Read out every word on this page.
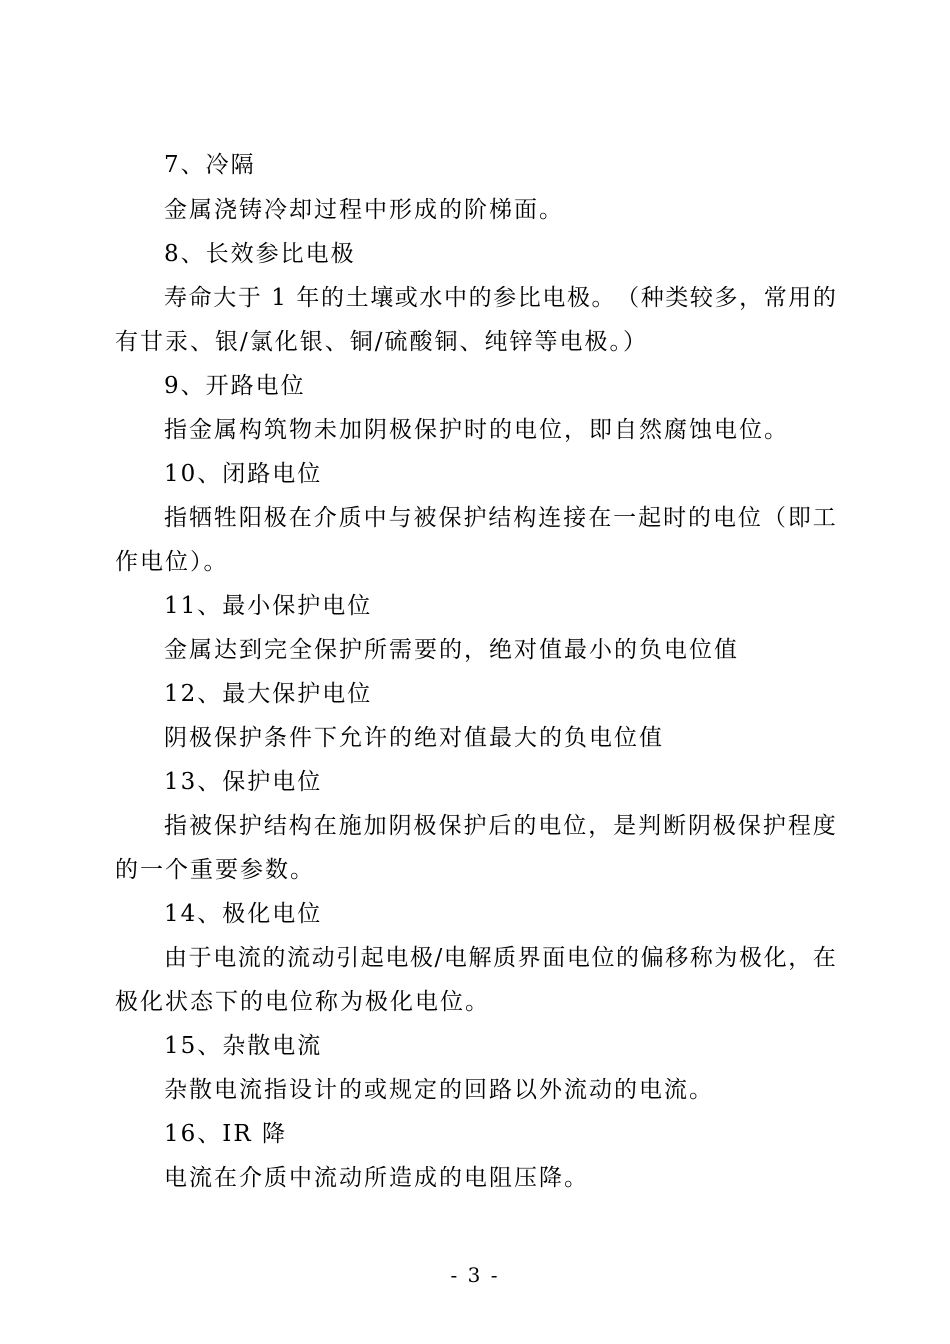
7、冷隔
金属浇铸冷却过程中形成的阶梯面。
8、长效参比电极
寿 命 大 于
1
年 的 土 壤 或 水 中 的 参 比 电 极 。 （ 种 类 较 多 ， 常 用 的
有甘汞、银/氯化银、铜/硫酸铜、纯锌等电极。）
9、开路电位
指金属构筑物未加阴极保护时的电位，即自然腐蚀电位。
10、闭路电位
指 牺 牲 阳 极 在 介 质 中 与 被 保 护 结 构 连 接 在 一 起 时 的 电 位 （ 即 工
作电位）。
11、最小保护电位
金属达到完全保护所需要的，绝对值最小的负电位值
12、最大保护电位
阴极保护条件下允许的绝对值最大的负电位值
13、保护电位
指 被 保 护 结 构 在 施 加 阴 极 保 护 后 的 电 位 ， 是 判 断 阴 极 保 护 程 度
的一个重要参数。
14、极化电位
由 于 电 流 的 流 动 引 起 电 极 / 电 解 质 界 面 电 位 的 偏 移 称 为 极 化 ， 在
极化状态下的电位称为极化电位。
15、杂散电流
杂散电流指设计的或规定的回路以外流动的电流。
16、IR 降
电流在介质中流动所造成的电阻压降。
- 3 -
